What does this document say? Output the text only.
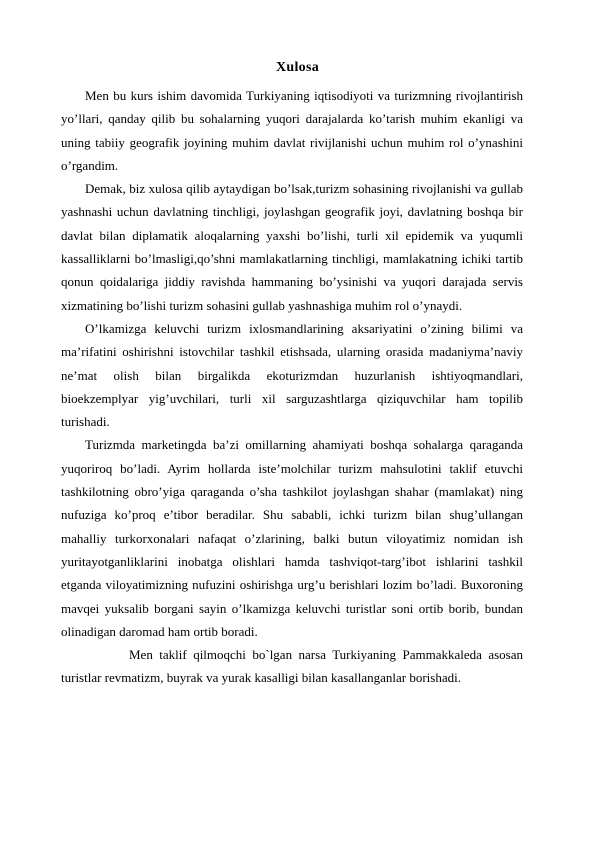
Xulosa

Men bu kurs ishim davomida Turkiyaning iqtisodiyoti va turizmning rivojlantirish yo’llari, qanday qilib bu sohalarning yuqori darajalarda ko’tarish muhim ekanligi va uning tabiiy geografik joyining muhim davlat rivijlanishi uchun muhim rol o’ynashini o’rgandim.

Demak, biz xulosa qilib aytaydigan bo’lsak,turizm sohasining rivojlanishi va gullab yashnashi uchun davlatning tinchligi, joylashgan geografik joyi, davlatning boshqa bir davlat bilan diplamatik aloqalarning yaxshi bo’lishi, turli xil epidemik va yuqumli kassalliklarni bo’lmasligi,qo’shni mamlakatlarning tinchligi, mamlakatning ichiki tartib qonun qoidalariga jiddiy ravishda hammaning bo’ysinishi va yuqori darajada servis xizmatining bo’lishi turizm sohasini gullab yashnashiga muhim rol o’ynaydi.

O’lkamizga keluvchi turizm ixlosmandlarining aksariyatini o’zining bilimi va ma’rifatini oshirishni istovchilar tashkil etishsada, ularning orasida madaniyma’naviy ne’mat olish bilan birgalikda ekoturizmdan huzurlanish ishtiyoqmandlari, bioekzemplyar yig’uvchilari, turli xil sarguzashtlarga qiziquvchilar ham topilib turishadi.

Turizmda marketingda ba’zi omillarning ahamiyati boshqa sohalarga qaraganda yuqoriroq bo’ladi. Ayrim hollarda iste’molchilar turizm mahsulotini taklif etuvchi tashkilotning obro’yiga qaraganda o’sha tashkilot joylashgan shahar (mamlakat) ning nufuziga ko’proq e’tibor beradilar. Shu sababli, ichki turizm bilan shug’ullangan mahalliy turkorxonalari nafaqat o’zlarining, balki butun viloyatimiz nomidan ish yuritayotganliklarini inobatga olishlari hamda tashviqot-targ’ibot ishlarini tashkil etganda viloyatimizning nufuzini oshirishga urg’u berishlari lozim bo’ladi. Buxoroning mavqei yuksalib borgani sayin o’lkamizga keluvchi turistlar soni ortib borib, bundan olinadigan daromad ham ortib boradi.

Men taklif qilmoqchi bo`lgan narsa Turkiyaning Pammakkaleda asosan turistlar revmatizm, buyrak va yurak kasalligi bilan kasallanganlar borishadi.
